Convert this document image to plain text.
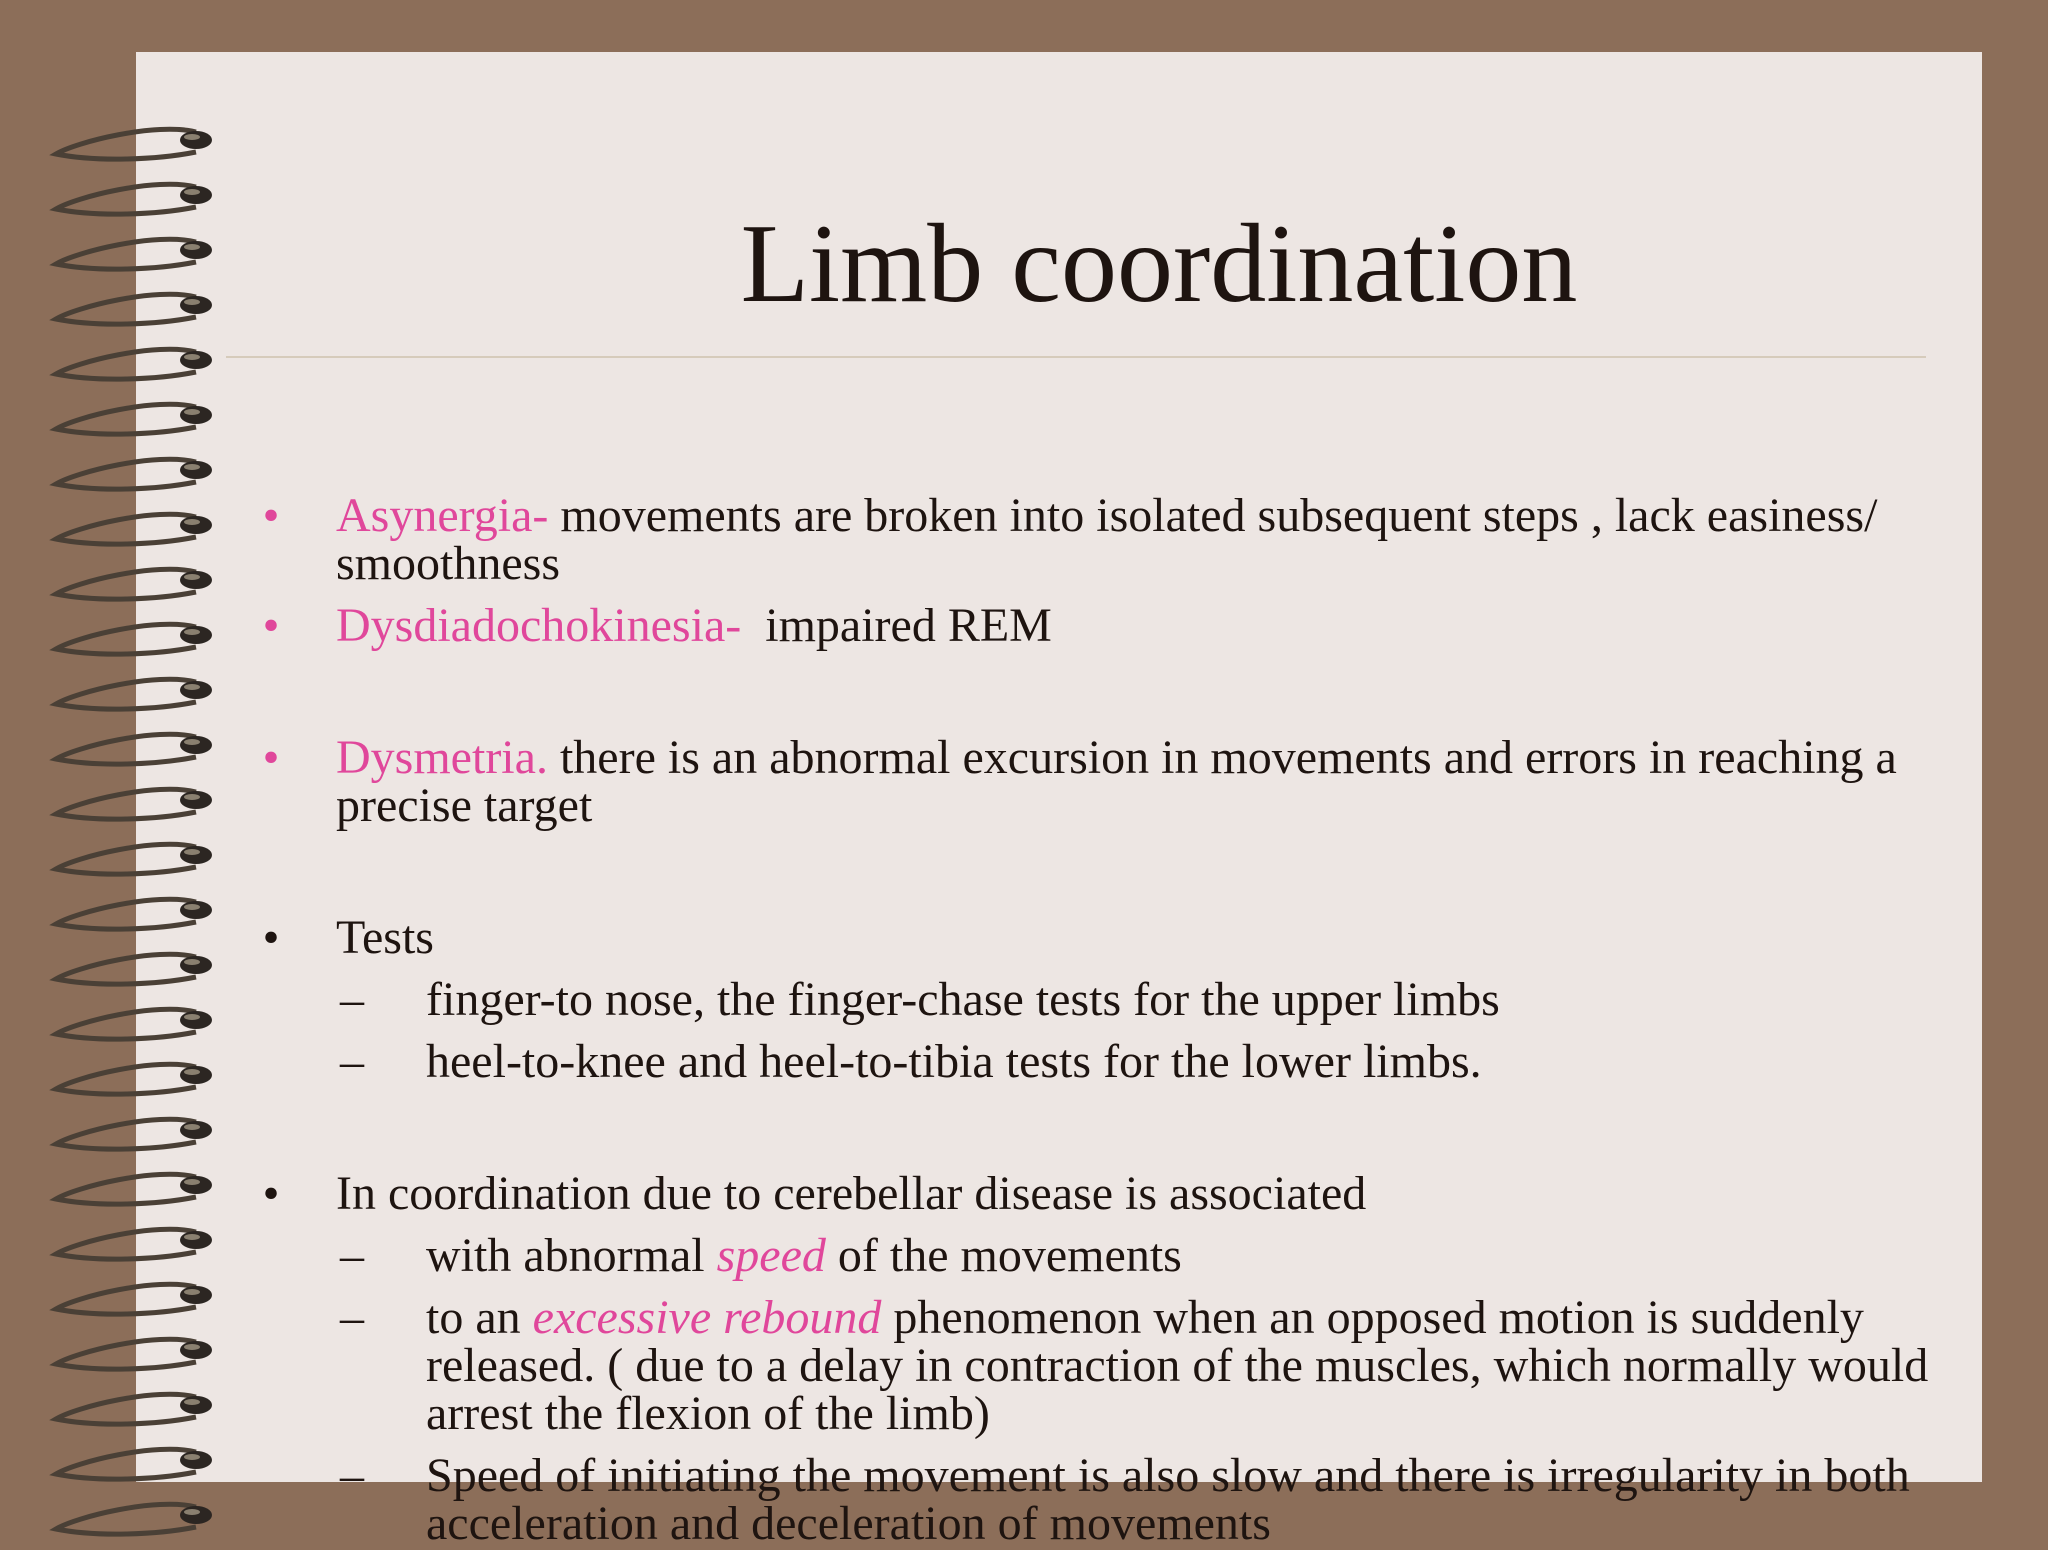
Limb coordination
• Asynergia- movements are broken into isolated subsequent steps , lack easiness/ smoothness
• Dysdiadochokinesia-  impaired REM
• Dysmetria. there is an abnormal excursion in movements and errors in reaching a precise target
• Tests
– finger-to nose, the finger-chase tests for the upper limbs
– heel-to-knee and heel-to-tibia tests for the lower limbs.
• In coordination due to cerebellar disease is associated
– with abnormal speed of the movements
– to an excessive rebound phenomenon when an opposed motion is suddenly released. ( due to a delay in contraction of the muscles, which normally would arrest the flexion of the limb)
– Speed of initiating the movement is also slow and there is irregularity in both acceleration and deceleration of movements
